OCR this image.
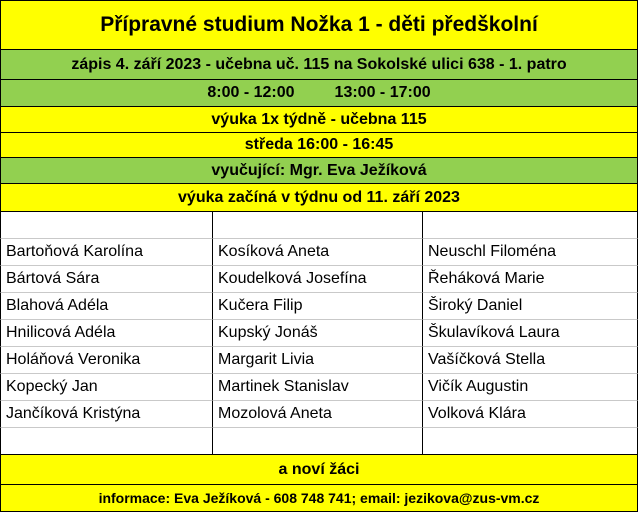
Přípravné studium Nožka 1 - děti předškolní
zápis 4. září 2023 - učebna uč. 115 na Sokolské ulici 638 - 1. patro
8:00 - 12:00	13:00 - 17:00
výuka 1x týdně - učebna 115
středa 16:00 - 16:45
vyučující: Mgr. Eva Ježíková
výuka začíná v týdnu od 11. září 2023
Bartoňová Karolína	Kosíková Aneta	Neuschl Filoména
Bártová Sára	Koudelková Josefína	Řeháková Marie
Blahová Adéla	Kučera Filip	Široký Daniel
Hnilicová Adéla	Kupský Jonáš	Škulavíková Laura
Holáňová Veronika	Margarit Livia	Vašíčková Stella
Kopecký Jan	Martinek Stanislav	Vičík Augustin
Jančíková Kristýna	Mozolová Aneta	Volková Klára
a noví žáci
informace: Eva Ježíková - 608 748 741; email: jezikova@zus-vm.cz
